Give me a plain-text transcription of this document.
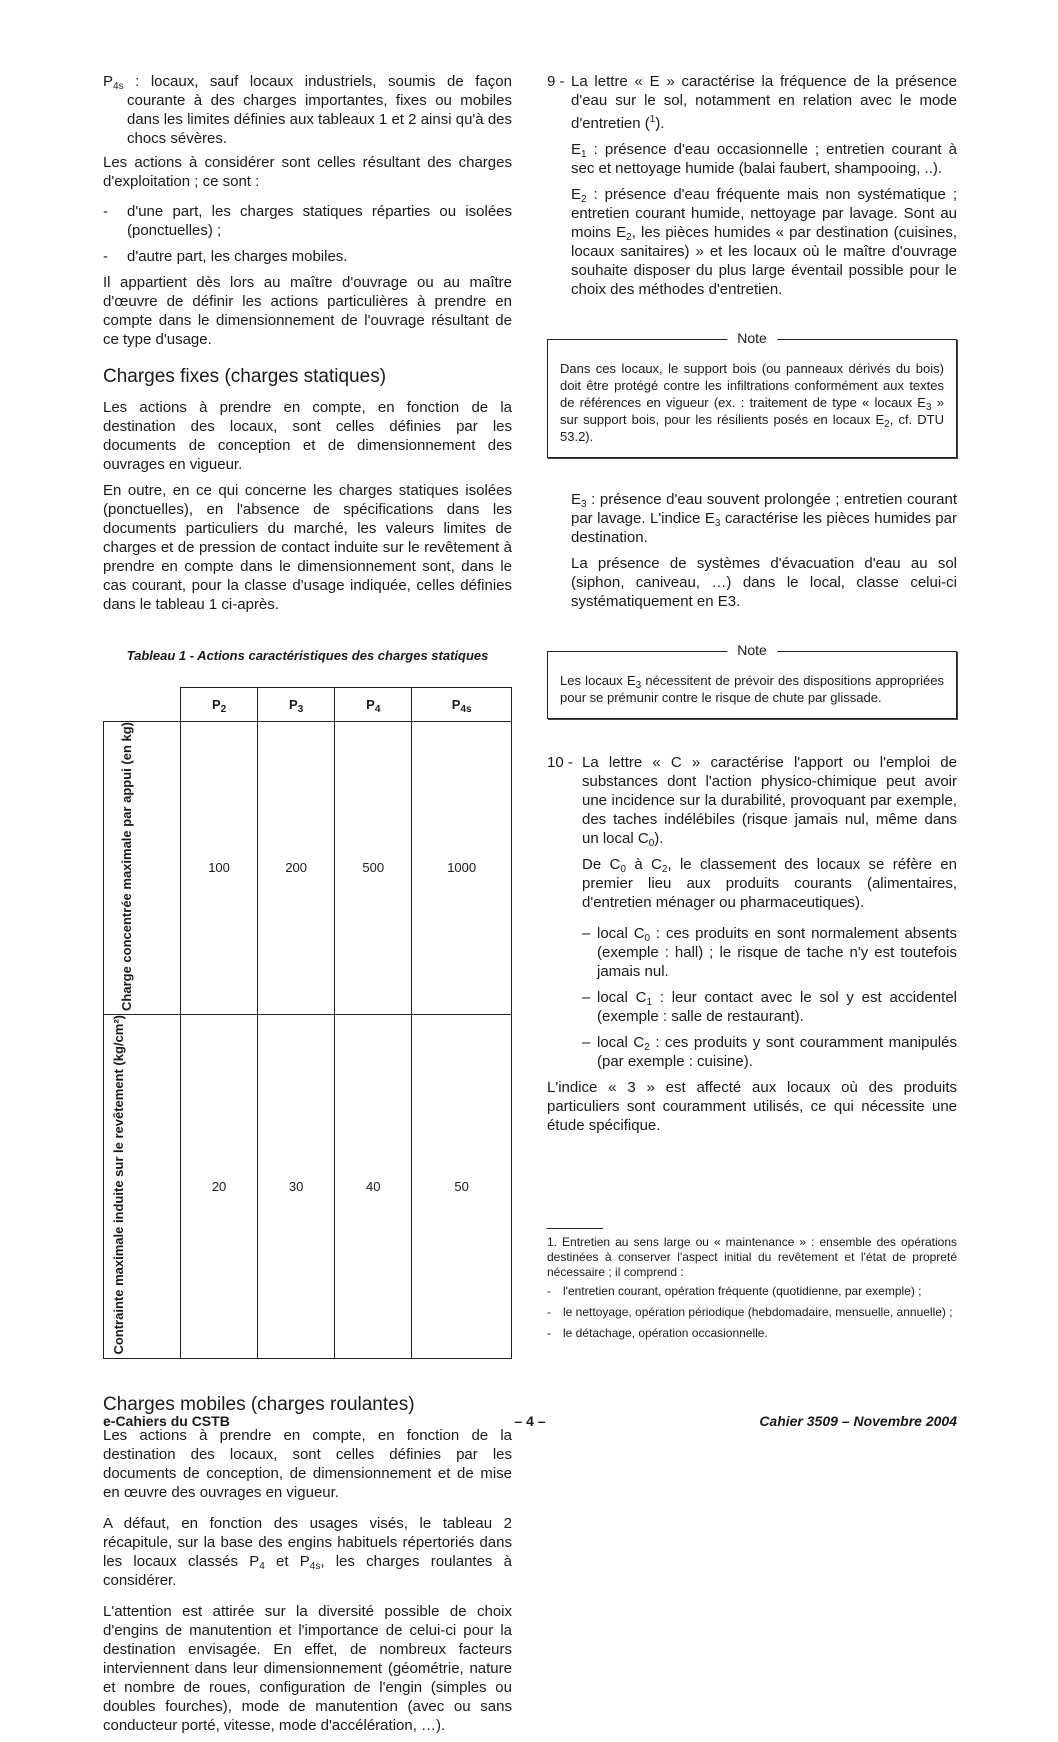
$P_{4s}$ : locaux, sauf locaux industriels, soumis de façon courante à des charges importantes, fixes ou mobiles dans les limites définies aux tableaux 1 et 2 ainsi qu'à des chocs sévères.

Les actions à considérer sont celles résultant des charges d'exploitation ; ce sont :

-	d'une part, les charges statiques réparties ou isolées (ponctuelles) ;
-	d'autre part, les charges mobiles.

Il appartient dès lors au maître d'ouvrage ou au maître d'œuvre de définir les actions particulières à prendre en compte dans le dimensionnement de l'ouvrage résultant de ce type d'usage.

Charges fixes (charges statiques)

Les actions à prendre en compte, en fonction de la destination des locaux, sont celles définies par les documents de conception et de dimensionnement des ouvrages en vigueur.

En outre, en ce qui concerne les charges statiques isolées (ponctuelles), en l'absence de spécifications dans les documents particuliers du marché, les valeurs limites de charges et de pression de contact induite sur le revêtement à prendre en compte dans le dimensionnement sont, dans le cas courant, pour la classe d'usage indiquée, celles définies dans le tableau 1 ci-après.

Tableau 1 - Actions caractéristiques des charges statiques
	$P_2$	$P_3$	$P_4$	$P_{4s}$
Charge concentrée maximale par appui (en kg)	100	200	500	1000
Contrainte maximale induite sur le revêtement (kg/cm²)	20	30	40	50
Charges mobiles (charges roulantes)

Les actions à prendre en compte, en fonction de la destination des locaux, sont celles définies par les documents de conception, de dimensionnement et de mise en œuvre des ouvrages en vigueur.

A défaut, en fonction des usages visés, le tableau 2 récapitule, sur la base des engins habituels répertoriés dans les locaux classés $P_4$ et $P_{4s}$, les charges roulantes à considérer.

L'attention est attirée sur la diversité possible de choix d'engins de manutention et l'importance de celui-ci pour la destination envisagée. En effet, de nombreux facteurs interviennent dans leur dimensionnement (géométrie, nature et nombre de roues, configuration de l'engin (simples ou doubles fourches), mode de manutention (avec ou sans conducteur porté, vitesse, mode d'accélération, …).

9 - La lettre « E » caractérise la fréquence de la présence d'eau sur le sol, notamment en relation avec le mode d'entretien ($^1$).

$E_1$ : présence d'eau occasionnelle ; entretien courant à sec et nettoyage humide (balai faubert, shampooing, ..).

$E_2$ : présence d'eau fréquente mais non systématique ; entretien courant humide, nettoyage par lavage. Sont au moins $E_2$, les pièces humides « par destination (cuisines, locaux sanitaires) » et les locaux où le maître d'ouvrage souhaite disposer du plus large éventail possible pour le choix des méthodes d'entretien.

Note
Dans ces locaux, le support bois (ou panneaux dérivés du bois) doit être protégé contre les infiltrations conformément aux textes de références en vigueur (ex. : traitement de type « locaux $E_3$ » sur support bois, pour les résilients posés en locaux $E_2$, cf. DTU 53.2).

$E_3$ : présence d'eau souvent prolongée ; entretien courant par lavage. L'indice $E_3$ caractérise les pièces humides par destination.

La présence de systèmes d'évacuation d'eau au sol (siphon, caniveau, …) dans le local, classe celui-ci systématiquement en E3.

Note
Les locaux $E_3$ nécessitent de prévoir des dispositions appropriées pour se prémunir contre le risque de chute par glissade.
10 - La lettre « C » caractérise l'apport ou l'emploi de substances dont l'action physico-chimique peut avoir une incidence sur la durabilité, provoquant par exemple, des taches indélébiles (risque jamais nul, même dans un local $C_0$).

De $C_0$ à $C_2$, le classement des locaux se réfère en premier lieu aux produits courants (alimentaires, d'entretien ménager ou pharmaceutiques).

– local $C_0$ : ces produits en sont normalement absents (exemple : hall) ; le risque de tache n'y est toutefois jamais nul.
– local $C_1$ : leur contact avec le sol y est accidentel (exemple : salle de restaurant).
– local $C_2$ : ces produits y sont couramment manipulés (par exemple : cuisine).

L'indice « 3 » est affecté aux locaux où des produits particuliers sont couramment utilisés, ce qui nécessite une étude spécifique.

1. Entretien au sens large ou « maintenance » : ensemble des opérations destinées à conserver l'aspect initial du revêtement et l'état de propreté nécessaire ; il comprend :
-	l'entretien courant, opération fréquente (quotidienne, par exemple) ;
-	le nettoyage, opération périodique (hebdomadaire, mensuelle, annuelle) ;
-	le détachage, opération occasionnelle.
e-Cahiers du CSTB	– 4 –	Cahier 3509 – Novembre 2004
